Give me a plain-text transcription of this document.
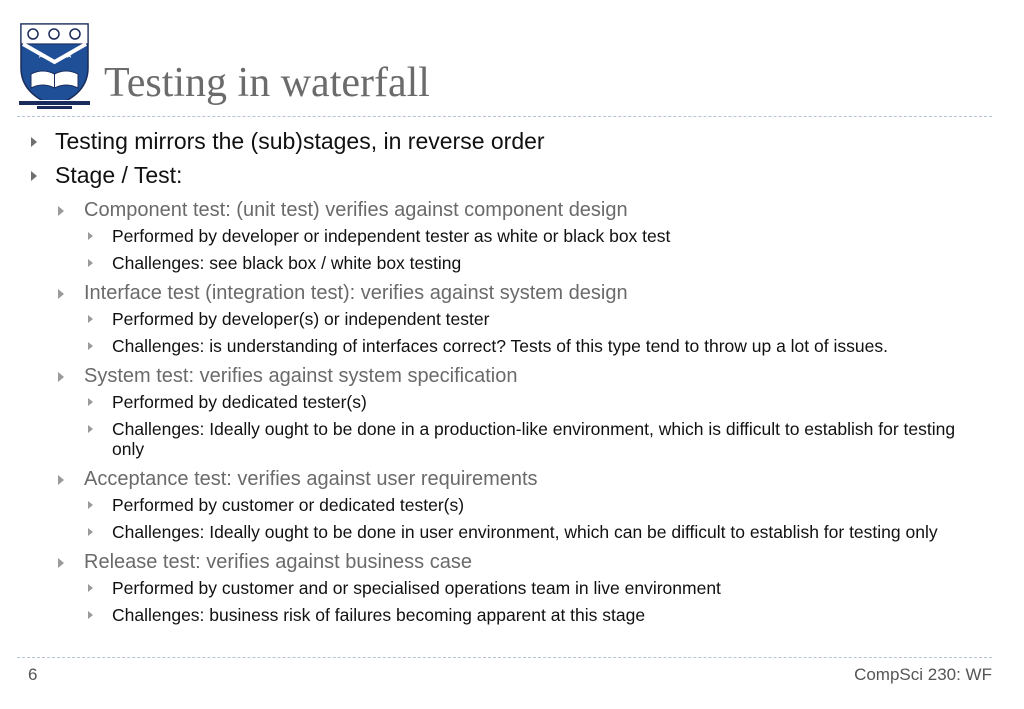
★ ★
Testing in waterfall
Testing mirrors the (sub)stages, in reverse order
Stage / Test:
Component test: (unit test) verifies against component design
Performed by developer or independent tester as white or black box test
Challenges: see black box / white box testing
Interface test (integration test): verifies against system design
Performed by developer(s) or independent tester
Challenges: is understanding of interfaces correct? Tests of this type tend to throw up a lot of issues.
System test: verifies against system specification
Performed by dedicated tester(s)
Challenges: Ideally ought to be done in a production-like environment, which is difficult to establish for testing only
Acceptance test: verifies against user requirements
Performed by customer or dedicated tester(s)
Challenges: Ideally ought to be done in user environment, which can be difficult to establish for testing only
Release test: verifies against business case
Performed by customer and or specialised operations team in live environment
Challenges: business risk of failures becoming apparent at this stage
6	CompSci 230: WF
